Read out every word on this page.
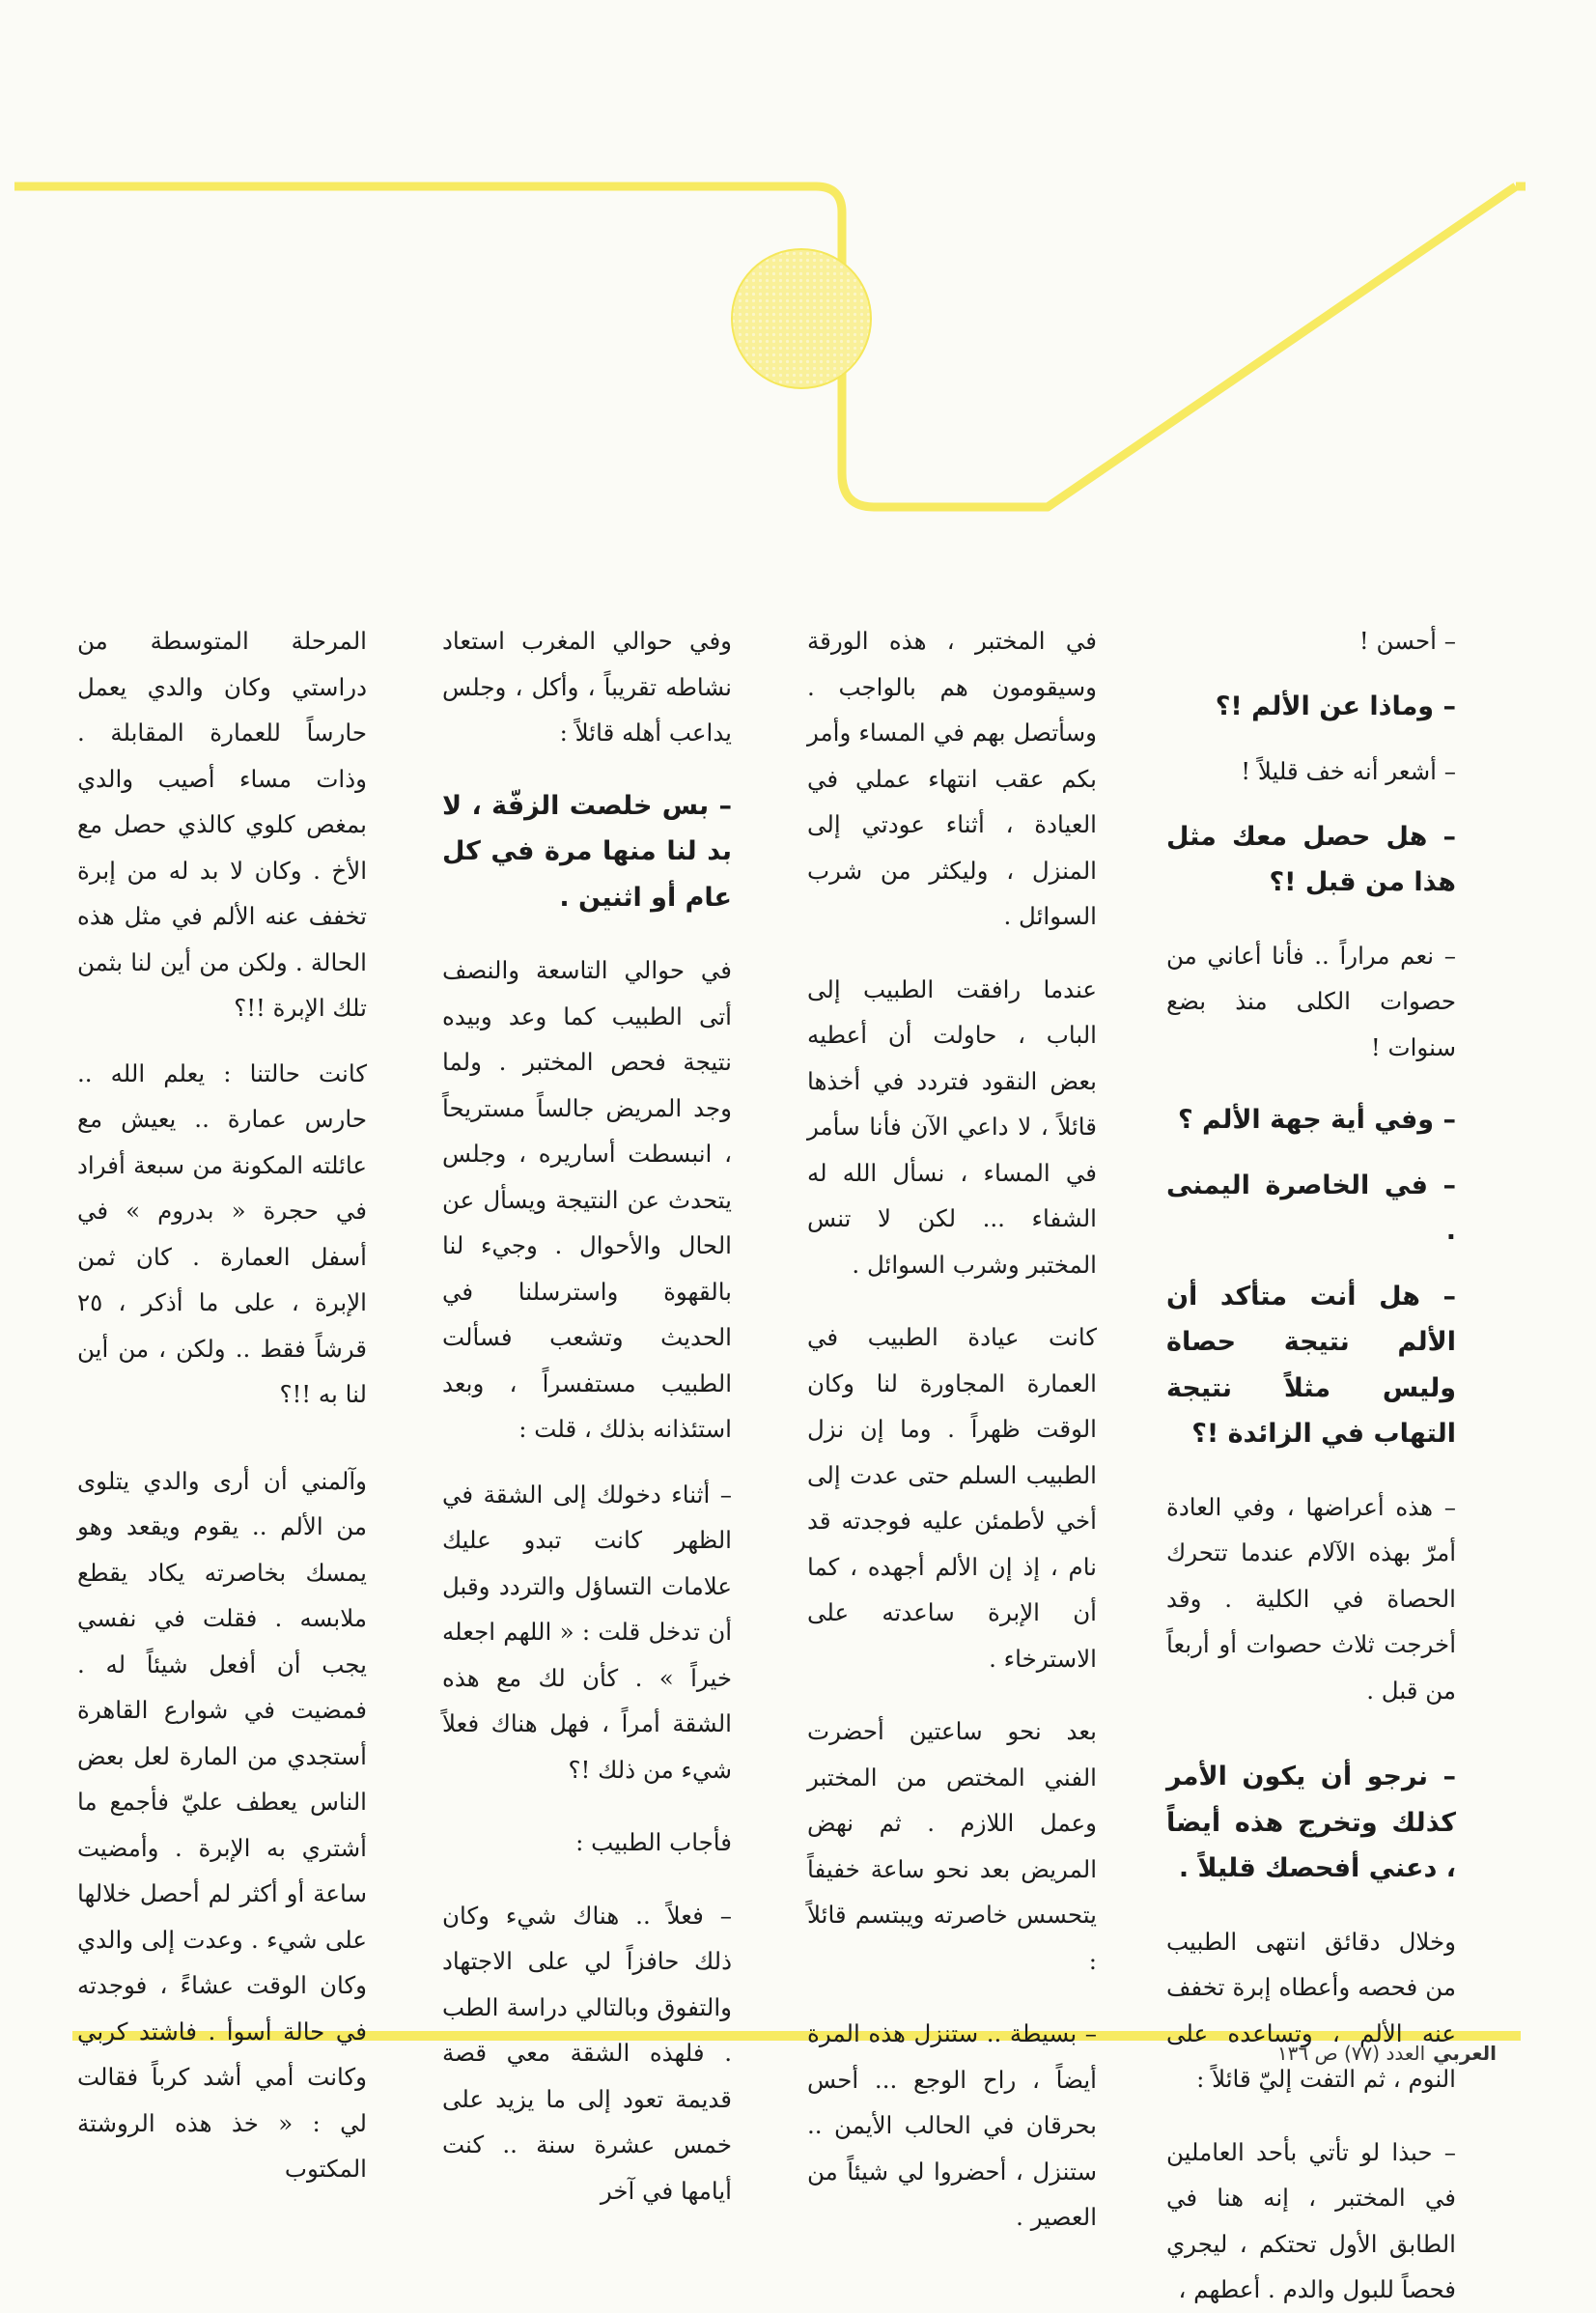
– أحسن !

– وماذا عن الألم !؟

– أشعر أنه خف قليلاً !

– هل حصل معك مثل هذا من قبل !؟

– نعم مراراً .. فأنا أعاني من حصوات الكلى منذ بضع سنوات !

– وفي أية جهة الألم ؟

– في الخاصرة اليمنى .

– هل أنت متأكد أن الألم نتيجة حصاة وليس مثلاً نتيجة التهاب في الزائدة !؟

– هذه أعراضها ، وفي العادة أمرّ بهذه الآلام عندما تتحرك الحصاة في الكلية . وقد أخرجت ثلاث حصوات أو أربعاً من قبل .

– نرجو أن يكون الأمر كذلك وتخرج هذه أيضاً ، دعني أفحصك قليلاً .

وخلال دقائق انتهى الطبيب من فحصه وأعطاه إبرة تخفف عنه الألم ، وتساعده على النوم ، ثم التفت إليّ قائلاً :

– حبذا لو تأتي بأحد العاملين في المختبر ، إنه هنا في الطابق الأول تحتكم ، ليجري فحصاً للبول والدم . أعطهم ،

في المختبر ، هذه الورقة وسيقومون هم بالواجب . وسأتصل بهم في المساء وأمر بكم عقب انتهاء عملي في العيادة ، أثناء عودتي إلى المنزل ، وليكثر من شرب السوائل .

عندما رافقت الطبيب إلى الباب ، حاولت أن أعطيه بعض النقود فتردد في أخذها قائلاً ، لا داعي الآن فأنا سأمر في المساء ، نسأل الله له الشفاء ... لكن لا تنس المختبر وشرب السوائل .

كانت عيادة الطبيب في العمارة المجاورة لنا وكان الوقت ظهراً . وما إن نزل الطبيب السلم حتى عدت إلى أخي لأطمئن عليه فوجدته قد نام ، إذ إن الألم أجهده ، كما أن الإبرة ساعدته على الاسترخاء .

بعد نحو ساعتين أحضرت الفني المختص من المختبر وعمل اللازم . ثم نهض المريض بعد نحو ساعة خفيفاً يتحسس خاصرته ويبتسم قائلاً :

– بسيطة .. ستنزل هذه المرة أيضاً ، راح الوجع ... أحس بحرقان في الحالب الأيمن .. ستنزل ، أحضروا لي شيئاً من العصير .

وفي حوالي المغرب استعاد نشاطه تقريباً ، وأكل ، وجلس يداعب أهله قائلاً :

– بس خلصت الزفّة ، لا بد لنا منها مرة في كل عام أو اثنين .

في حوالي التاسعة والنصف أتى الطبيب كما وعد وبيده نتيجة فحص المختبر . ولما وجد المريض جالساً مستريحاً ، انبسطت أساريره ، وجلس يتحدث عن النتيجة ويسأل عن الحال والأحوال . وجيء لنا بالقهوة واسترسلنا في الحديث وتشعب فسألت الطبيب مستفسراً ، وبعد استئذانه بذلك ، قلت :

– أثناء دخولك إلى الشقة في الظهر كانت تبدو عليك علامات التساؤل والتردد وقبل أن تدخل قلت : « اللهم اجعله خيراً » . كأن لك مع هذه الشقة أمراً ، فهل هناك فعلاً شيء من ذلك !؟

فأجاب الطبيب :

– فعلاً .. هناك شيء وكان ذلك حافزاً لي على الاجتهاد والتفوق وبالتالي دراسة الطب . فلهذه الشقة معي قصة قديمة تعود إلى ما يزيد على خمس عشرة سنة .. كنت أيامها في آخر

المرحلة المتوسطة من دراستي وكان والدي يعمل حارساً للعمارة المقابلة . وذات مساء أصيب والدي بمغص كلوي كالذي حصل مع الأخ . وكان لا بد له من إبرة تخفف عنه الألم في مثل هذه الحالة . ولكن من أين لنا بثمن تلك الإبرة !!؟

كانت حالتنا : يعلم الله .. حارس عمارة .. يعيش مع عائلته المكونة من سبعة أفراد في حجرة « بدروم » في أسفل العمارة . كان ثمن الإبرة ، على ما أذكر ، ٢٥ قرشاً فقط .. ولكن ، من أين لنا به !!؟

وآلمني أن أرى والدي يتلوى من الألم .. يقوم ويقعد وهو يمسك بخاصرته يكاد يقطع ملابسه . فقلت في نفسي يجب أن أفعل شيئاً له . فمضيت في شوارع القاهرة أستجدي من المارة لعل بعض الناس يعطف عليّ فأجمع ما أشتري به الإبرة . وأمضيت ساعة أو أكثر لم أحصل خلالها على شيء . وعدت إلى والدي وكان الوقت عشاءً ، فوجدته في حالة أسوأ . فاشتد كربي وكانت أمي أشد كرباً فقالت لي : « خذ هذه الروشتة المكتوب

العربي
العدد (٧٧) ص ١٣٦
